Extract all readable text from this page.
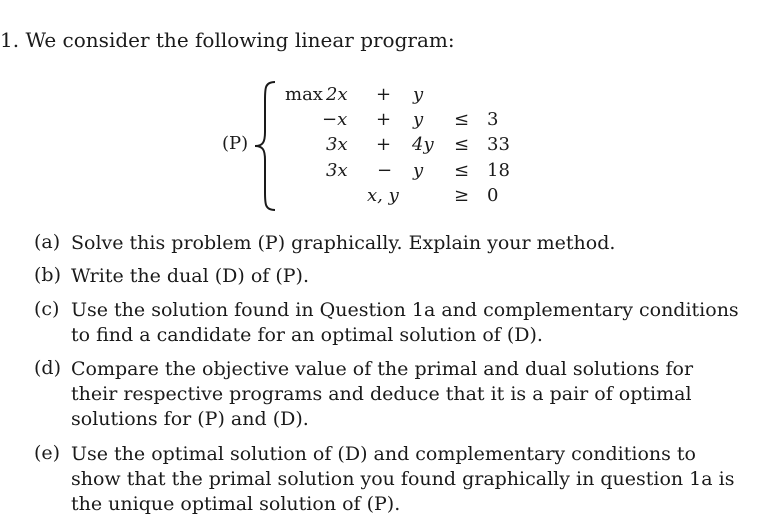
1. We consider the following linear program:
(P)
max 2x + y
−x + y ≤ 3
3x + 4y ≤ 33
3x − y ≤ 18
x, y	≥ 0
(a) Solve this problem (P) graphically. Explain your method.
(b) Write the dual (D) of (P).
(c) Use the solution found in Question 1a and complementary conditions to find a candidate for an optimal solution of (D).
(d) Compare the objective value of the primal and dual solutions for their respective programs and deduce that it is a pair of optimal solutions for (P) and (D).
(e) Use the optimal solution of (D) and complementary conditions to show that the primal solution you found graphically in question 1a is the unique optimal solution of (P).
